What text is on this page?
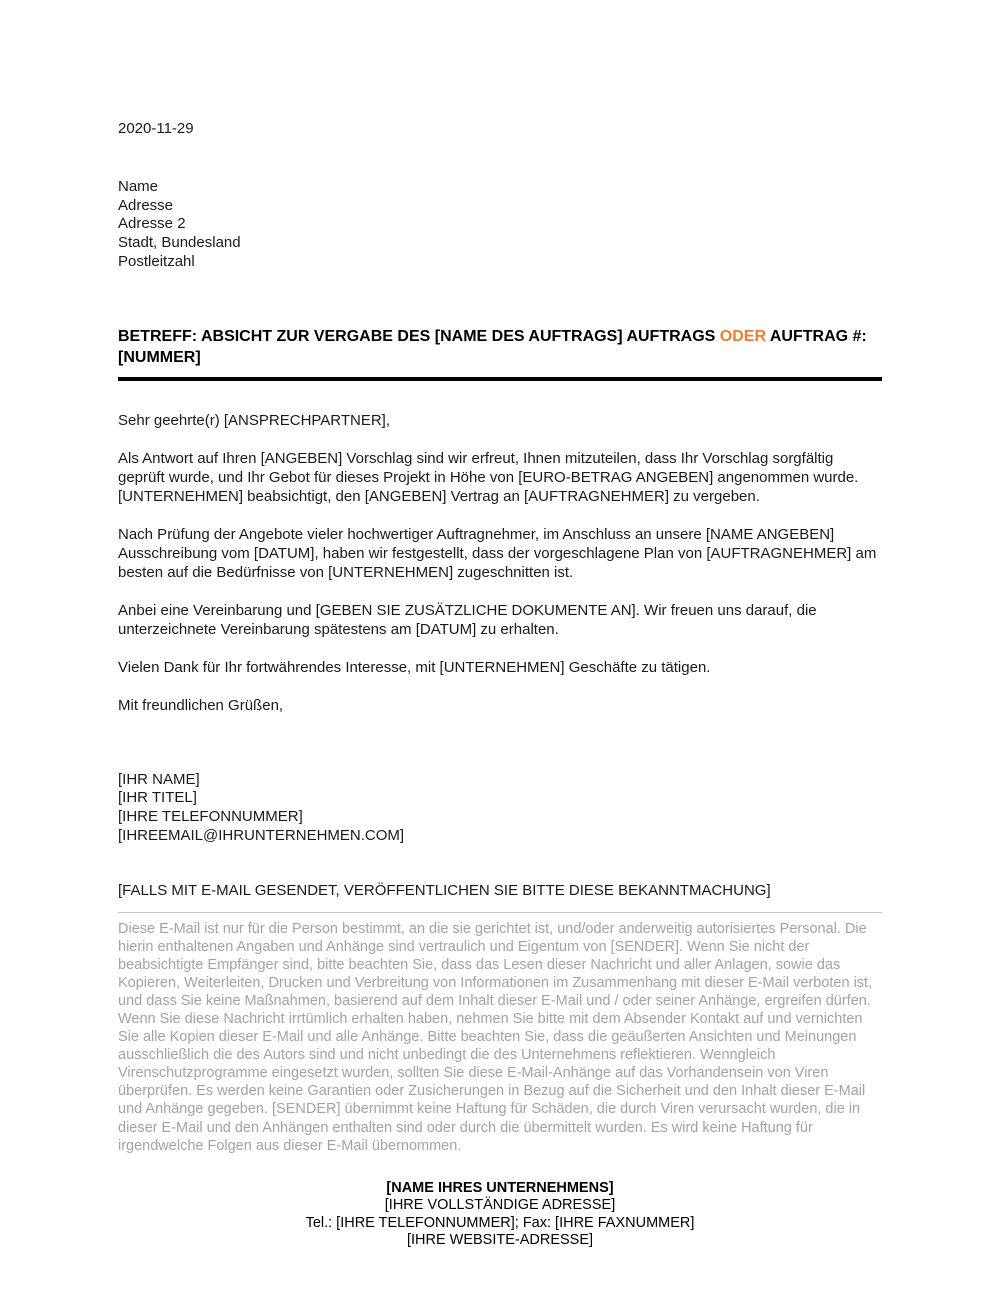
2020-11-29
Name
Adresse
Adresse 2
Stadt, Bundesland
Postleitzahl
BETREFF: ABSICHT ZUR VERGABE DES [NAME DES AUFTRAGS] AUFTRAGS ODER AUFTRAG #: [NUMMER]

Sehr geehrte(r) [ANSPRECHPARTNER],

Als Antwort auf Ihren [ANGEBEN] Vorschlag sind wir erfreut, Ihnen mitzuteilen, dass Ihr Vorschlag sorgfältig geprüft wurde, und Ihr Gebot für dieses Projekt in Höhe von [EURO-BETRAG ANGEBEN] angenommen wurde. [UNTERNEHMEN] beabsichtigt, den [ANGEBEN] Vertrag an [AUFTRAGNEHMER] zu vergeben.

Nach Prüfung der Angebote vieler hochwertiger Auftragnehmer, im Anschluss an unsere [NAME ANGEBEN] Ausschreibung vom [DATUM], haben wir festgestellt, dass der vorgeschlagene Plan von [AUFTRAGNEHMER] am besten auf die Bedürfnisse von [UNTERNEHMEN] zugeschnitten ist.

Anbei eine Vereinbarung und [GEBEN SIE ZUSÄTZLICHE DOKUMENTE AN]. Wir freuen uns darauf, die unterzeichnete Vereinbarung spätestens am [DATUM] zu erhalten.

Vielen Dank für Ihr fortwährendes Interesse, mit [UNTERNEHMEN] Geschäfte zu tätigen.

Mit freundlichen Grüßen,

[IHR NAME]
[IHR TITEL]
[IHRE TELEFONNUMMER]
[IHREEMAIL@IHRUNTERNEHMEN.COM]

[FALLS MIT E-MAIL GESENDET, VERÖFFENTLICHEN SIE BITTE DIESE BEKANNTMACHUNG]

Diese E-Mail ist nur für die Person bestimmt, an die sie gerichtet ist, und/oder anderweitig autorisiertes Personal. Die hierin enthaltenen Angaben und Anhänge sind vertraulich und Eigentum von [SENDER]. Wenn Sie nicht der beabsichtigte Empfänger sind, bitte beachten Sie, dass das Lesen dieser Nachricht und aller Anlagen, sowie das Kopieren, Weiterleiten, Drucken und Verbreitung von Informationen im Zusammenhang mit dieser E-Mail verboten ist, und dass Sie keine Maßnahmen, basierend auf dem Inhalt dieser E-Mail und / oder seiner Anhänge, ergreifen dürfen. Wenn Sie diese Nachricht irrtümlich erhalten haben, nehmen Sie bitte mit dem Absender Kontakt auf und vernichten Sie alle Kopien dieser E-Mail und alle Anhänge. Bitte beachten Sie, dass die geäußerten Ansichten und Meinungen ausschließlich die des Autors sind und nicht unbedingt die des Unternehmens reflektieren. Wenngleich Virenschutzprogramme eingesetzt wurden, sollten Sie diese E-Mail-Anhänge auf das Vorhandensein von Viren überprüfen. Es werden keine Garantien oder Zusicherungen in Bezug auf die Sicherheit und den Inhalt dieser E-Mail und Anhänge gegeben. [SENDER] übernimmt keine Haftung für Schäden, die durch Viren verursacht wurden, die in dieser E-Mail und den Anhängen enthalten sind oder durch die übermittelt wurden. Es wird keine Haftung für irgendwelche Folgen aus dieser E-Mail übernommen.

[NAME IHRES UNTERNEHMENS]
[IHRE VOLLSTÄNDIGE ADRESSE]
Tel.: [IHRE TELEFONNUMMER]; Fax: [IHRE FAXNUMMER]
[IHRE WEBSITE-ADRESSE]
